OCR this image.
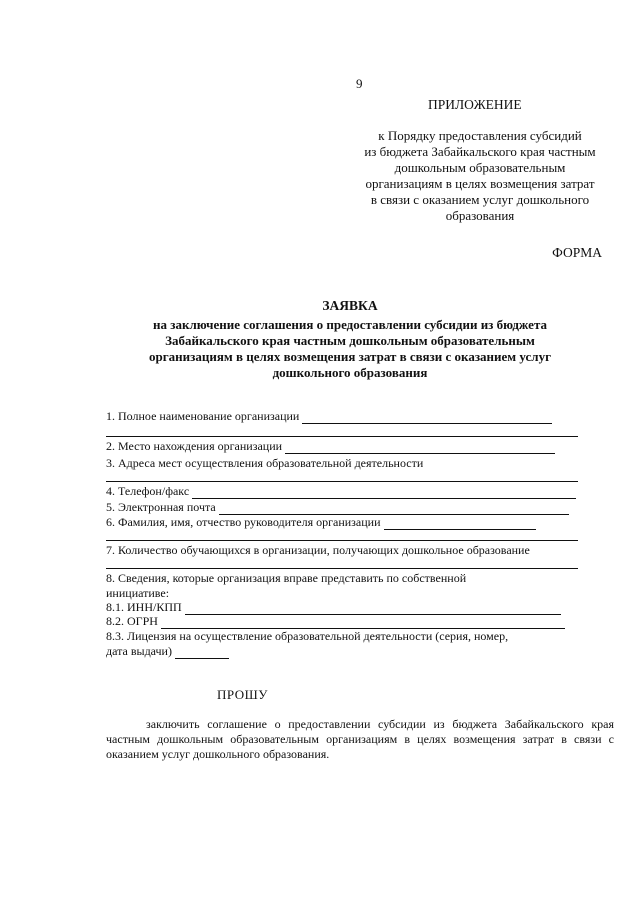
9
ПРИЛОЖЕНИЕ
к Порядку предоставления субсидий
из бюджета Забайкальского края частным
дошкольным образовательным
организациям в целях возмещения затрат
в связи с оказанием услуг дошкольного
образования
ФОРМА
ЗАЯВКА
на заключение соглашения о предоставлении субсидии из бюджета
Забайкальского края частным дошкольным образовательным
организациям в целях возмещения затрат в связи с оказанием услуг
дошкольного образования
1. Полное наименование организации
2. Место нахождения организации
3. Адреса мест осуществления образовательной деятельности
4. Телефон/факс
5. Электронная почта
6. Фамилия, имя, отчество руководителя организации
7. Количество обучающихся в организации, получающих дошкольное образование
8. Сведения, которые организация вправе представить по собственной
инициативе:
8.1. ИНН/КПП
8.2. ОГРН
8.3. Лицензия на осуществление образовательной деятельности (серия, номер,
дата выдачи)
ПРОШУ
заключить соглашение о предоставлении субсидии из бюджета Забайкальского края частным дошкольным образовательным организациям в целях возмещения затрат в связи с оказанием услуг дошкольного образования.
